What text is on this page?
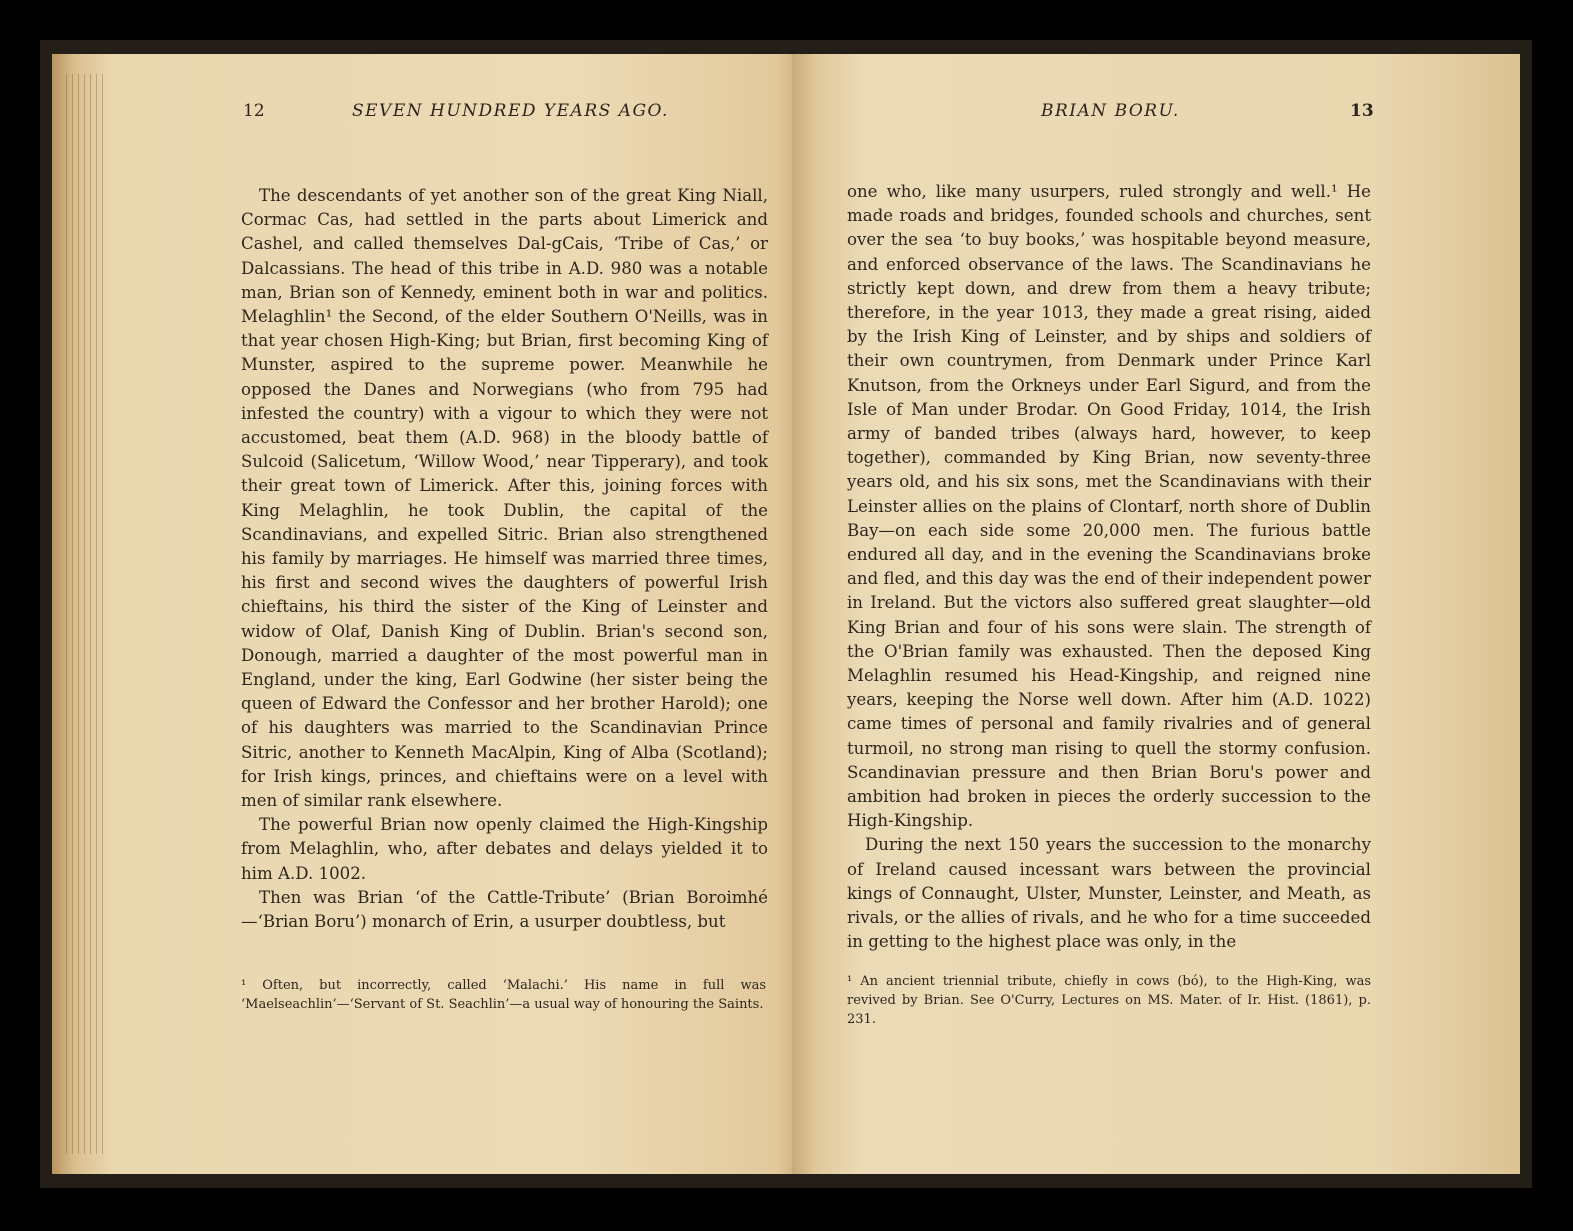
12	SEVEN HUNDRED YEARS AGO.

The descendants of yet another son of the great King Niall, Cormac Cas, had settled in the parts about Limerick and Cashel, and called themselves Dal-gCais, ‘Tribe of Cas,’ or Dalcassians. The head of this tribe in A.D. 980 was a notable man, Brian son of Kennedy, eminent both in war and politics. Melaghlin¹ the Second, of the elder Southern O'Neills, was in that year chosen High-King; but Brian, first becoming King of Munster, aspired to the supreme power. Meanwhile he opposed the Danes and Norwegians (who from 795 had infested the country) with a vigour to which they were not accustomed, beat them (A.D. 968) in the bloody battle of Sulcoid (Salicetum, ‘Willow Wood,’ near Tipperary), and took their great town of Limerick. After this, joining forces with King Melaghlin, he took Dublin, the capital of the Scandinavians, and expelled Sitric. Brian also strengthened his family by marriages. He himself was married three times, his first and second wives the daughters of powerful Irish chieftains, his third the sister of the King of Leinster and widow of Olaf, Danish King of Dublin. Brian's second son, Donough, married a daughter of the most powerful man in England, under the king, Earl Godwine (her sister being the queen of Edward the Confessor and her brother Harold); one of his daughters was married to the Scandinavian Prince Sitric, another to Kenneth MacAlpin, King of Alba (Scotland); for Irish kings, princes, and chieftains were on a level with men of similar rank elsewhere.

The powerful Brian now openly claimed the High-Kingship from Melaghlin, who, after debates and delays yielded it to him A.D. 1002.

Then was Brian ‘of the Cattle-Tribute’ (Brian Boroimhé —‘Brian Boru’) monarch of Erin, a usurper doubtless, but

¹ Often, but incorrectly, called ‘Malachi.’ His name in full was ‘Maelseachlin’—‘Servant of St. Seachlin’—a usual way of honouring the Saints.
BRIAN BORU.	13

one who, like many usurpers, ruled strongly and well.¹ He made roads and bridges, founded schools and churches, sent over the sea ‘to buy books,’ was hospitable beyond measure, and enforced observance of the laws. The Scandinavians he strictly kept down, and drew from them a heavy tribute; therefore, in the year 1013, they made a great rising, aided by the Irish King of Leinster, and by ships and soldiers of their own countrymen, from Denmark under Prince Karl Knutson, from the Orkneys under Earl Sigurd, and from the Isle of Man under Brodar. On Good Friday, 1014, the Irish army of banded tribes (always hard, however, to keep together), commanded by King Brian, now seventy-three years old, and his six sons, met the Scandinavians with their Leinster allies on the plains of Clontarf, north shore of Dublin Bay—on each side some 20,000 men. The furious battle endured all day, and in the evening the Scandinavians broke and fled, and this day was the end of their independent power in Ireland. But the victors also suffered great slaughter—old King Brian and four of his sons were slain. The strength of the O'Brian family was exhausted. Then the deposed King Melaghlin resumed his Head-Kingship, and reigned nine years, keeping the Norse well down. After him (A.D. 1022) came times of personal and family rivalries and of general turmoil, no strong man rising to quell the stormy confusion. Scandinavian pressure and then Brian Boru's power and ambition had broken in pieces the orderly succession to the High-Kingship.

During the next 150 years the succession to the monarchy of Ireland caused incessant wars between the provincial kings of Connaught, Ulster, Munster, Leinster, and Meath, as rivals, or the allies of rivals, and he who for a time succeeded in getting to the highest place was only, in the

¹ An ancient triennial tribute, chiefly in cows (bó), to the High-King, was revived by Brian. See O'Curry, Lectures on MS. Mater. of Ir. Hist. (1861), p. 231.
